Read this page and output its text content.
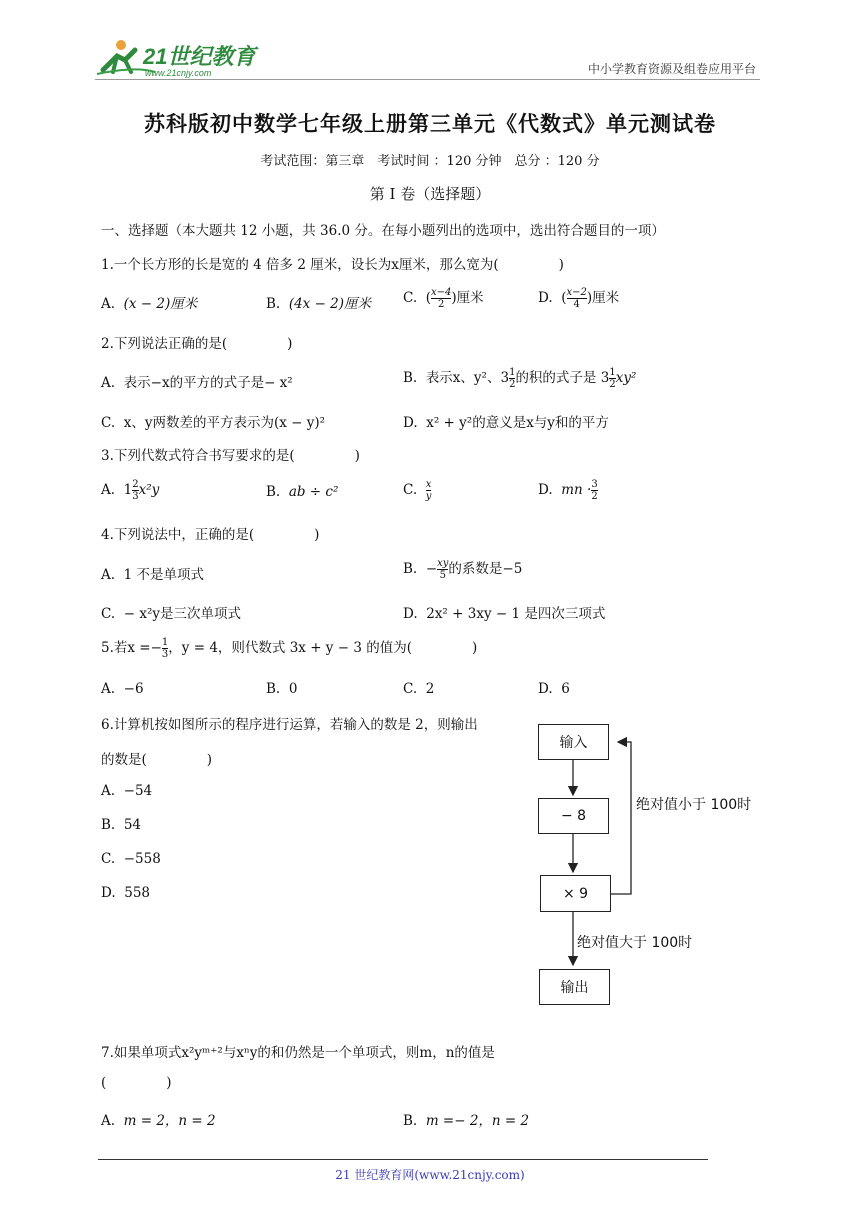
21世纪教育
www.21cnjy.com	中小学教育资源及组卷应用平台
苏科版初中数学七年级上册第三单元《代数式》单元测试卷
考试范围：第三章　考试时间 ：120 分钟　总分 ：120 分
第 I 卷（选择题）
一、选择题（本大题共 12 小题，共 36.0 分。在每小题列出的选项中，选出符合题目的一项）
1.一个长方形的长是宽的 4 倍多 2 厘米，设长为x厘米，那么宽为(	)
A. (x − 2)厘米	B. (4x − 2)厘米 C.  ( $\frac{x-4}{2}$ )厘米	D.  ( $\frac{x-2}{4}$ )厘米
2.下列说法正确的是(	)
A. 表示−x的平方的式子是− x²	B. 表示x、y²、$3 \frac{1}{2}$ 的积的式子是 $3 \frac{1}{2} xy^2$
C. x、y两数差的平方表示为(x − y)²	D. x² + y²的意义是x与y和的平方
3.下列代数式符合书写要求的是(	)
A. $1 \frac{2}{3} x^2y$	B. ab ÷ c²	C. $\frac{x}{y}$	D. mn · $\frac{3}{2}$
4.下列说法中，正确的是(	)
A. 1 不是单项式	B. − $\frac{xy}{5}$ 的系数是−5
C. − x²y是三次单项式	D. 2x² + 3xy − 1 是四次三项式
5.若$x =- \frac{1}{3}$ ，y = 4，则代数式 3x + y − 3 的值为(	)
A. −6	B. 0	C. 2	D. 6
6.计算机按如图所示的程序进行运算，若输入的数是 2，则输出
的数是(	)
A. −54
B. 54
C. −558
D. 558
输入
− 8
× 9
输出
绝对值小于 100时
绝对值大于 100时
7.如果单项式x²yᵐ⁺²与xⁿy的和仍然是一个单项式，则m，n的值是
(	)
A. m = 2，n = 2	B. m =− 2，n = 2
21 世纪教育网(www.21cnjy.com)
